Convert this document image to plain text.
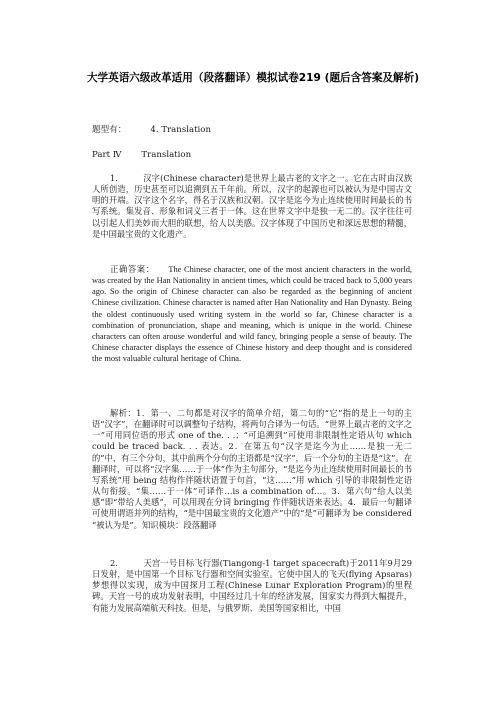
大学英语六级改革适用（段落翻译）模拟试卷219 (题后含答案及解析)
题型有：	4. Translation
Part Ⅳ Translation
1.　　　汉字(Chinese character)是世界上最古老的文字之一。它在古时由汉族人所创造，历史甚至可以追溯到五千年前。所以，汉字的起源也可以被认为是中国古文明的开端。汉字这个名字，得名于汉族和汉朝。汉字是迄今为止连续使用时间最长的书写系统。集发音、形象和词义三者于一体。这在世界文字中是独一无二的。汉字往往可以引起人们美妙而大胆的联想，给人以美感。汉字体现了中国历史和深远思想的精髓，是中国最宝贵的文化遗产。
正确答案：　　The Chinese character, one of the most ancient characters in the world, was created by the Han Nationality in ancient times, which could be traced back to 5,000 years ago. So the origin of Chinese character can also be regarded as the beginning of ancient Chinese civilization. Chinese character is named after Han Nationality and Han Dynasty. Being the oldest continuously used writing system in the world so far, Chinese character is a combination of pronunciation, shape and meaning, which is unique in the world. Chinese characters can often arouse wonderful and wild fancy, bringing people a sense of beauty. The Chinese character displays the essence of Chinese history and deep thought and is considered the most valuable cultural heritage of China.
解析：1．第一、二句都是对汉字的简单介绍，第二句的“它”指的是上一句的主语“汉字”，在翻译时可以调整句子结构，将两句合译为一句话。“世界上最古老的文字之一”可用同位语的形式 one of the. . .；“可追溯到”可使用非限制性定语从句 which could be traced back. . . 表达。2．在第五句“汉字是迄今为止……是独一无二的”中，有三个分句，其中前两个分句的主语都是“汉字”，后一个分句的主语是“这”。在翻译时，可以将“汉字集……于一体”作为主句部分，“是迄今为止连续使用时间最长的书写系统”用 being 结构作伴随状语置于句首，“这……”用 which 引导的非限制性定语从句衔接。“集……于一体”可译作…is a combination of…。3．第六句“给人以美感”即“带给人美感”，可以用现在分词 bringing 作伴随状语来表达。4．最后一句翻译可使用谓语并列的结构，“是中国最宝贵的文化遗产”中的“是”可翻译为 be considered “被认为是”。知识模块：段落翻译
2.　　　天宫一号目标飞行器(Tiangong-1 target spacecraft)于2011年9月29日发射，是中国第一个目标飞行器和空间实验室。它使中国人的飞天(flying Apsaras)梦想得以实现，成为中国探月工程(Chinese Lunar Exploration Program)的里程碑。天宫一号的成功发射表明，中国经过几十年的经济发展，国家实力得到大幅提升，有能力发展高端航天科技。但是，与俄罗斯、美国等国家相比，中国
